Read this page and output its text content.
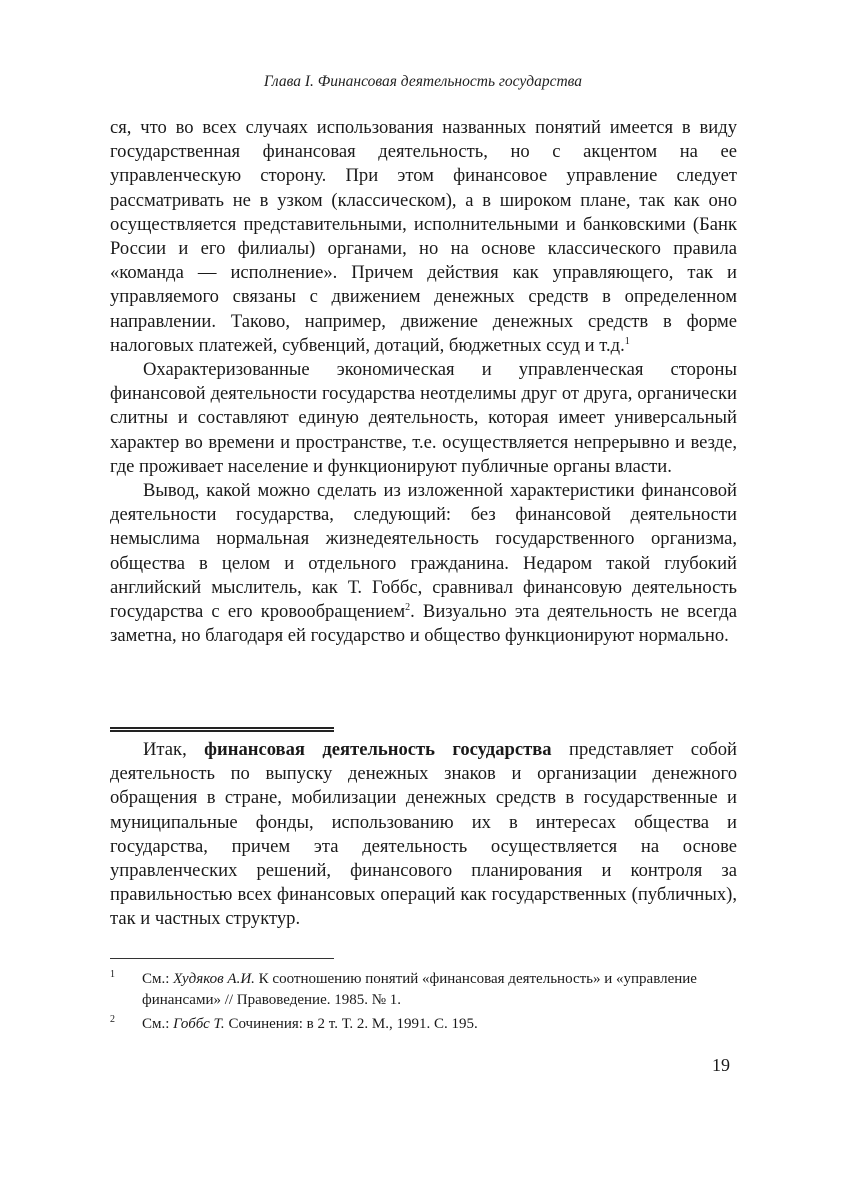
Глава I. Финансовая деятельность государства

ся, что во всех случаях использования названных понятий имеется в виду государственная финансовая деятельность, но с акцентом на ее управленческую сторону. При этом финансовое управление следует рассматривать не в узком (классическом), а в широком плане, так как оно осуществляется представительными, исполнительными и банковскими (Банк России и его филиалы) органами, но на основе классического правила «команда — исполнение». Причем действия как управляющего, так и управляемого связаны с движением денежных средств в определенном направлении. Таково, например, движение денежных средств в форме налоговых платежей, субвенций, дотаций, бюджетных ссуд и т.д.$^1$

Охарактеризованные экономическая и управленческая стороны финансовой деятельности государства неотделимы друг от друга, органически слитны и составляют единую деятельность, которая имеет универсальный характер во времени и пространстве, т.е. осуществляется непрерывно и везде, где проживает население и функционируют публичные органы власти.

Вывод, какой можно сделать из изложенной характеристики финансовой деятельности государства, следующий: без финансовой деятельности немыслима нормальная жизнедеятельность государственного организма, общества в целом и отдельного гражданина. Недаром такой глубокий английский мыслитель, как Т. Гоббс, сравнивал финансовую деятельность государства с его кровообращением$^2$. Визуально эта деятельность не всегда заметна, но благодаря ей государство и общество функционируют нормально.

Итак, финансовая деятельность государства представляет собой деятельность по выпуску денежных знаков и организации денежного обращения в стране, мобилизации денежных средств в государственные и муниципальные фонды, использованию их в интересах общества и государства, причем эта деятельность осуществляется на основе управленческих решений, финансового планирования и контроля за правильностью всех финансовых операций как государственных (публичных), так и частных структур.

1 См.: Худяков А.И. К соотношению понятий «финансовая деятельность» и «управление финансами» // Правоведение. 1985. № 1.
2 См.: Гоббс Т. Сочинения: в 2 т. Т. 2. М., 1991. С. 195.
19
